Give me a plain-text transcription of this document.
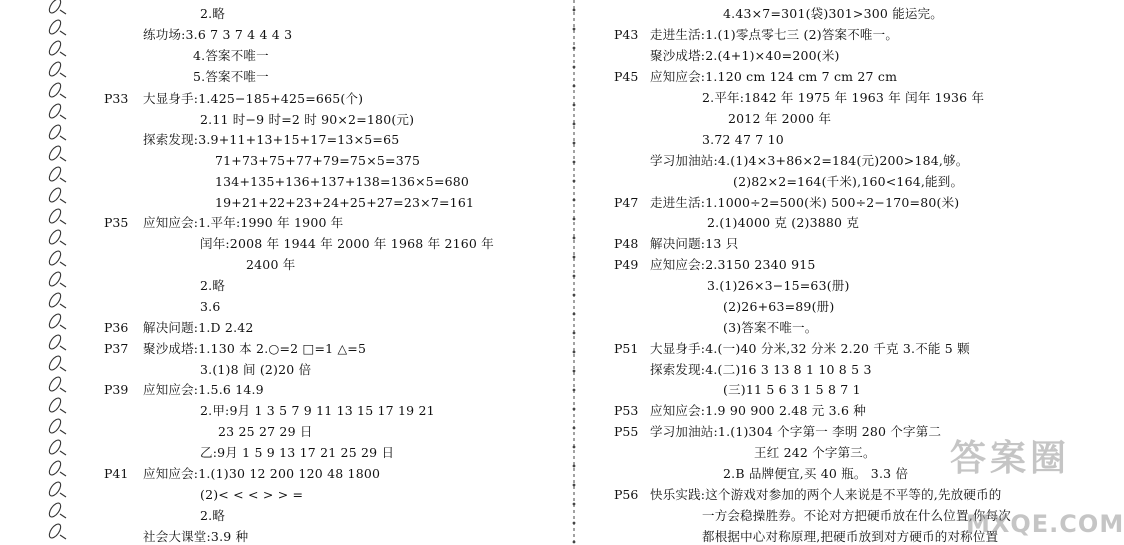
2.略
练功场:3.6 7 3 7 4 4 4 3
4.答案不唯一
5.答案不唯一
P33 大显身手:1.425−185+425=665(个)
2.11 时−9 时=2 时 90×2=180(元)
探索发现:3.9+11+13+15+17=13×5=65
71+73+75+77+79=75×5=375
134+135+136+137+138=136×5=680
19+21+22+23+24+25+27=23×7=161
P35 应知应会:1.平年:1990 年 1900 年
闰年:2008 年 1944 年 2000 年 1968 年 2160 年
2400 年
2.略
3.6
P36 解决问题:1.D 2.42
P37 聚沙成塔:1.130 本 2.○=2 □=1 △=5
3.(1)8 间 (2)20 倍
P39 应知应会:1.5.6 14.9
2.甲:9月 1 3 5 7 9 11 13 15 17 19 21
23 25 27 29 日
乙:9月 1 5 9 13 17 21 25 29 日
P41 应知应会:1.(1)30 12 200 120 48 1800
(2)< < < > > =
2.略
社会大课堂:3.9 种
4.43×7=301(袋)301>300 能运完。
P43 走进生活:1.(1)零点零七三 (2)答案不唯一。
聚沙成塔:2.(4+1)×40=200(米)
P45 应知应会:1.120 cm 124 cm 7 cm 27 cm
2.平年:1842 年 1975 年 1963 年 闰年 1936 年
2012 年 2000 年
3.72 47 7 10
学习加油站:4.(1)4×3+86×2=184(元)200>184,够。
(2)82×2=164(千米),160<164,能到。
P47 走进生活:1.1000÷2=500(米) 500÷2−170=80(米)
2.(1)4000 克 (2)3880 克
P48 解决问题:13 只
P49 应知应会:2.3150 2340 915
3.(1)26×3−15=63(册)
(2)26+63=89(册)
(3)答案不唯一。
P51 大显身手:4.(一)40 分米,32 分米 2.20 千克 3.不能 5 颗
探索发现:4.(二)16 3 13 8 1 10 8 5 3
(三)11 5 6 3 1 5 8 7 1
P53 应知应会:1.9 90 900 2.48 元 3.6 种
P55 学习加油站:1.(1)304 个字第一 李明 280 个字第二
王红 242 个字第三。
2.B 品牌便宜,买 40 瓶。 3.3 倍
P56 快乐实践:这个游戏对参加的两个人来说是不平等的,先放硬币的
一方会稳操胜券。不论对方把硬币放在什么位置,你每次
都根据中心对称原理,把硬币放到对方硬币的对称位置
答案圈
MXQE.COM
